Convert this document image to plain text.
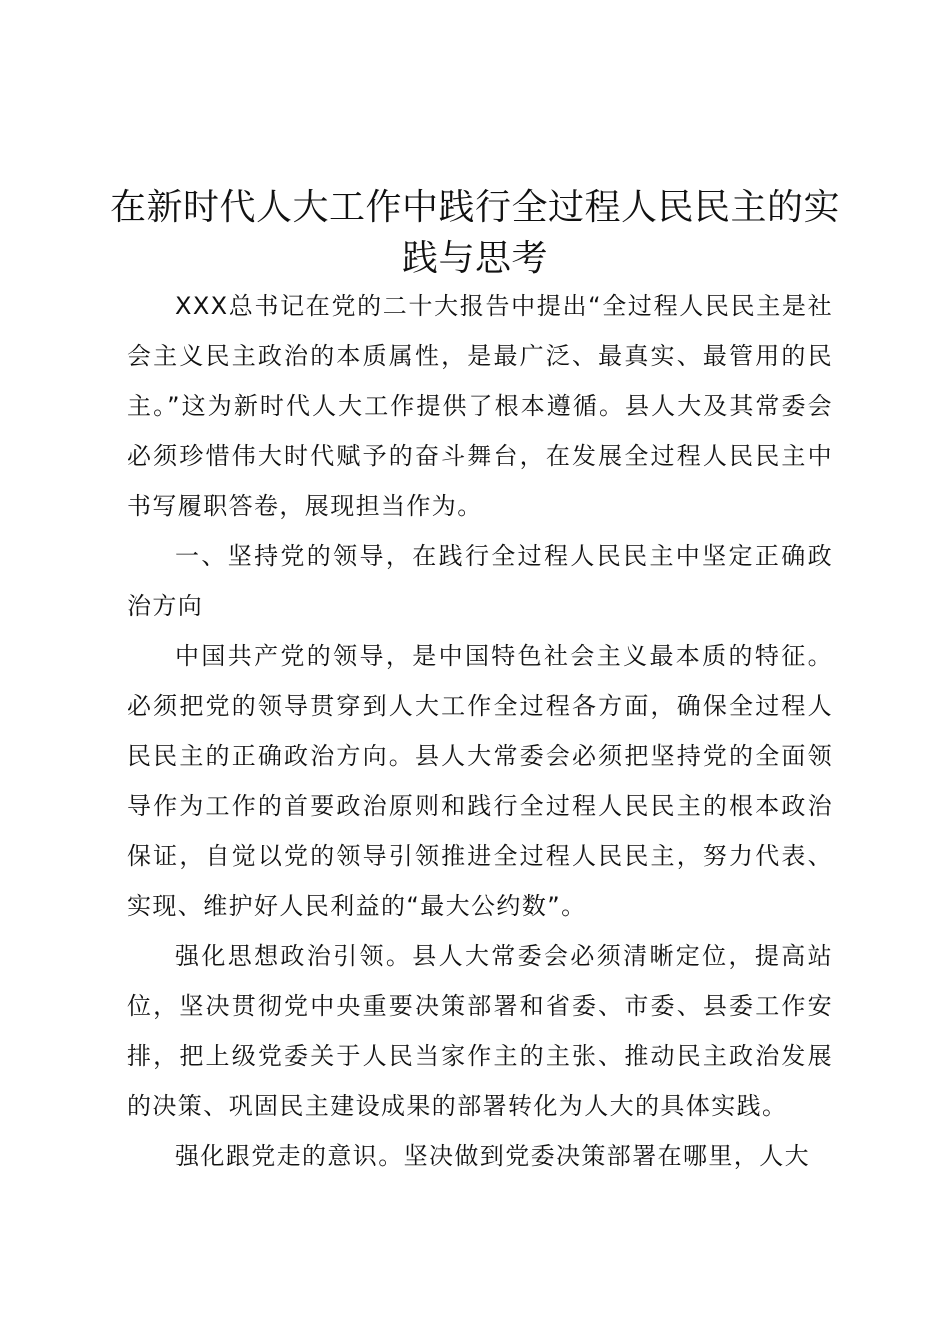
在新时代人大工作中践行全过程人民民主的实践与思考

XXX总书记在党的二十大报告中提出“全过程人民民主是社会主义民主政治的本质属性，是最广泛、最真实、最管用的民主。”这为新时代人大工作提供了根本遵循。县人大及其常委会必须珍惜伟大时代赋予的奋斗舞台，在发展全过程人民民主中书写履职答卷，展现担当作为。

一、坚持党的领导，在践行全过程人民民主中坚定正确政治方向

中国共产党的领导，是中国特色社会主义最本质的特征。必须把党的领导贯穿到人大工作全过程各方面，确保全过程人民民主的正确政治方向。县人大常委会必须把坚持党的全面领导作为工作的首要政治原则和践行全过程人民民主的根本政治保证，自觉以党的领导引领推进全过程人民民主，努力代表、实现、维护好人民利益的“最大公约数”。

强化思想政治引领。县人大常委会必须清晰定位，提高站位，坚决贯彻党中央重要决策部署和省委、市委、县委工作安排，把上级党委关于人民当家作主的主张、推动民主政治发展的决策、巩固民主建设成果的部署转化为人大的具体实践。

强化跟党走的意识。坚决做到党委决策部署在哪里，人大
